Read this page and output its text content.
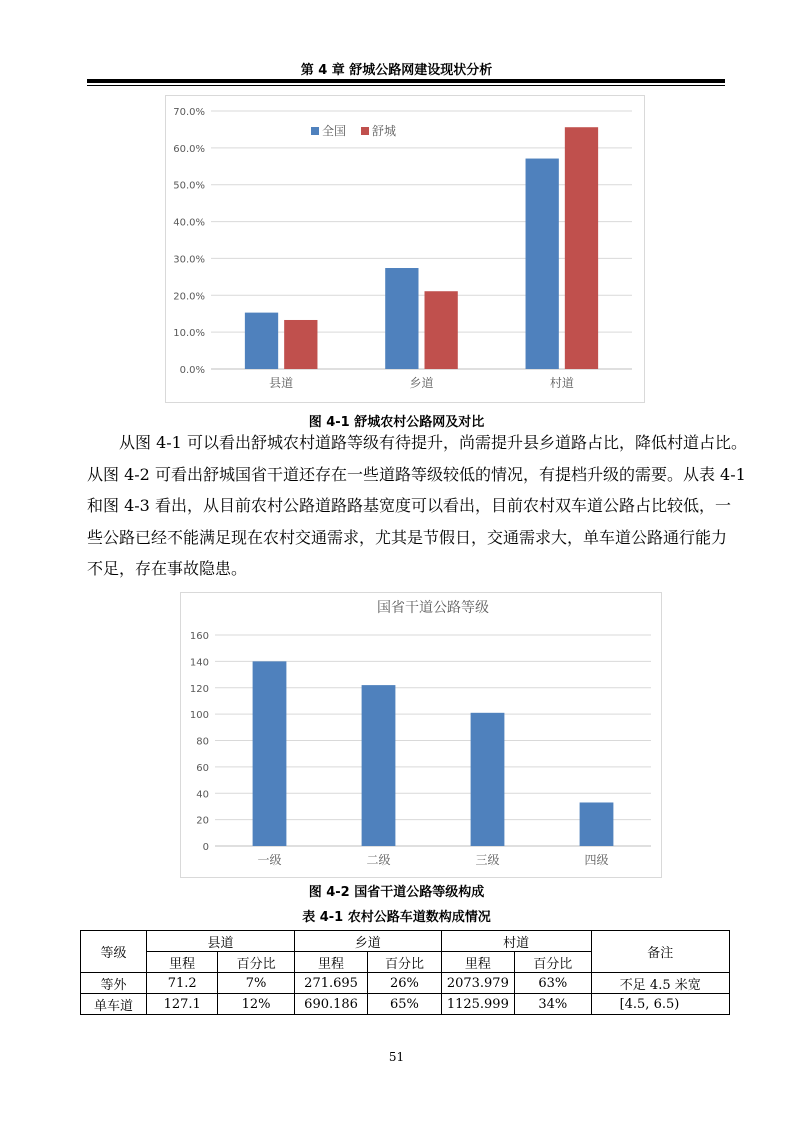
第 4 章 舒城公路网建设现状分析
0.0%
10.0%
20.0%
30.0%
40.0%
50.0%
60.0%
70.0%
县道	乡道	村道
全国 舒城
图 4-1 舒城农村公路网及对比
从图 4-1 可以看出舒城农村道路等级有待提升，尚需提升县乡道路占比，降低村道占比。
从图 4-2 可看出舒城国省干道还存在一些道路等级较低的情况，有提档升级的需要。从表 4-1
和图 4-3 看出，从目前农村公路道路路基宽度可以看出，目前农村双车道公路占比较低，一
些公路已经不能满足现在农村交通需求，尤其是节假日，交通需求大，单车道公路通行能力
不足，存在事故隐患。
国省干道公路等级
0
20
40
60
80
100
120
140
160
一级	二级	三级	四级
图 4-2 国省干道公路等级构成
表 4-1 农村公路车道数构成情况
等级	县道		乡道		村道		备注
	里程	百分比	里程	百分比	里程	百分比	
等外	71.2	7%	271.695	26%	2073.979	63%	不足 4.5 米宽
单车道	127.1	12%	690.186	65%	1125.999	34%	[4.5, 6.5)
51
